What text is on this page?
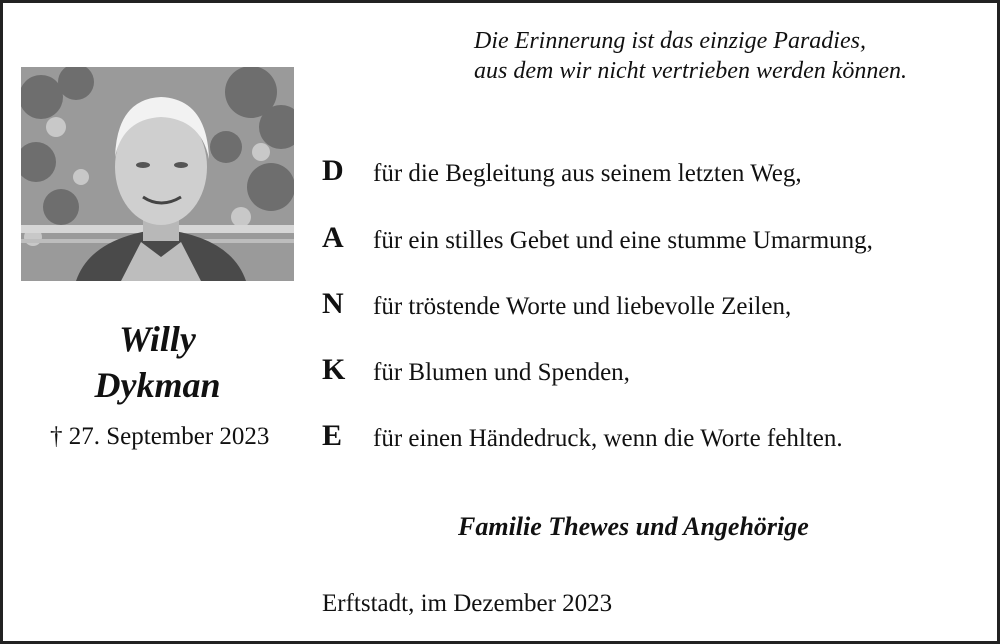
Die Erinnerung ist das einzige Paradies,
aus dem wir nicht vertrieben werden können.
Willy
Dykman
† 27. September 2023
D für die Begleitung aus seinem letzten Weg,
A für ein stilles Gebet und eine stumme Umarmung,
N für tröstende Worte und liebevolle Zeilen,
K für Blumen und Spenden,
E für einen Händedruck, wenn die Worte fehlten.
Familie Thewes und Angehörige
Erftstadt, im Dezember 2023
